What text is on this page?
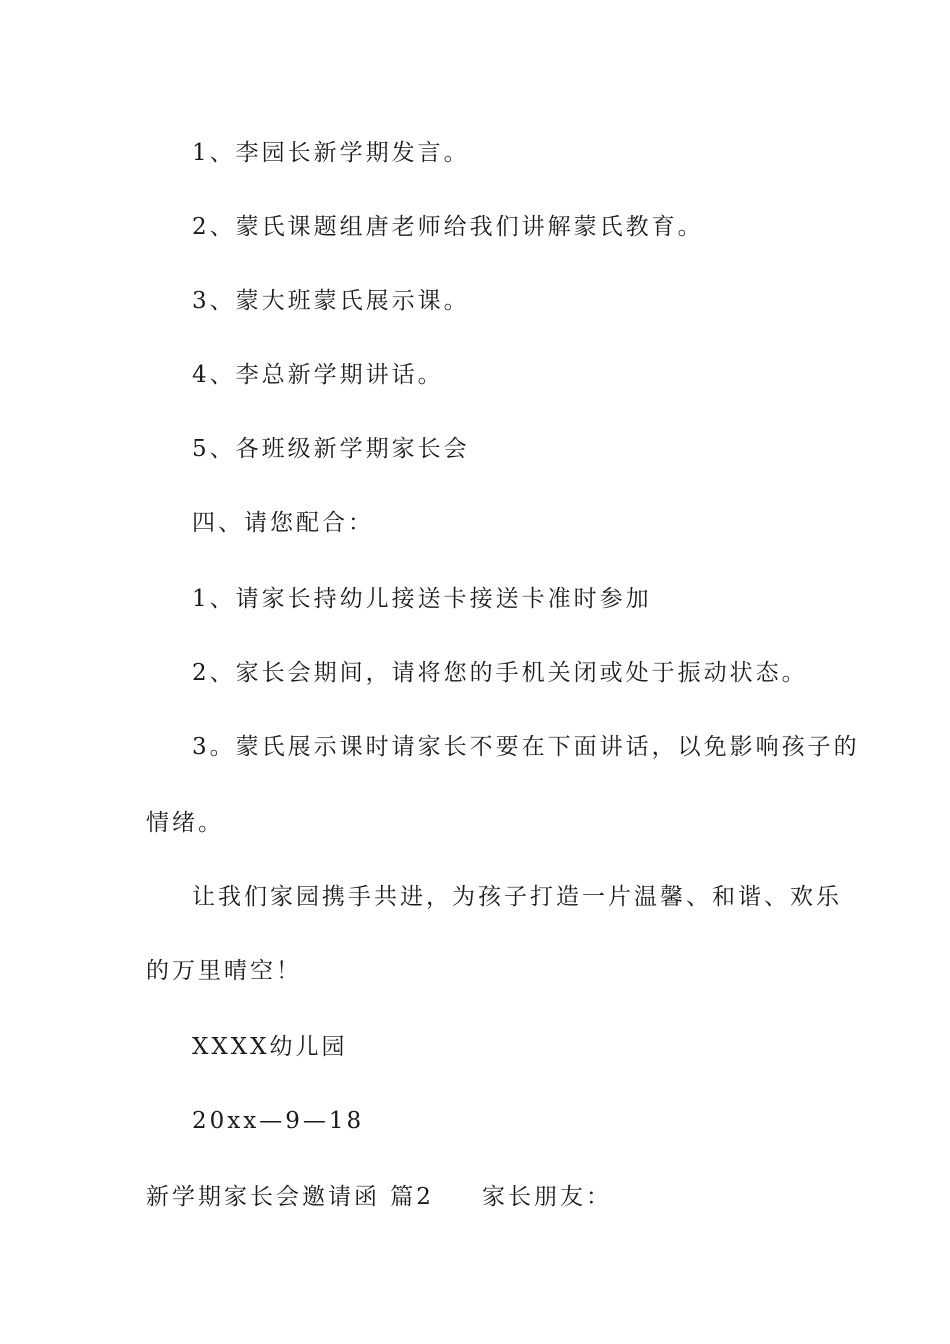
1、李园长新学期发言。
2、蒙氏课题组唐老师给我们讲解蒙氏教育。
3、蒙大班蒙氏展示课。
4、李总新学期讲话。
5、各班级新学期家长会
四、请您配合：
1、请家长持幼儿接送卡接送卡准时参加
2、家长会期间，请将您的手机关闭或处于振动状态。
3。蒙氏展示课时请家长不要在下面讲话，以免影响孩子的
情绪。
让我们家园携手共进，为孩子打造一片温馨、和谐、欢乐
的万里晴空！
XXXX幼儿园
20xx—9—18
新学期家长会邀请函 篇2 家长朋友：
